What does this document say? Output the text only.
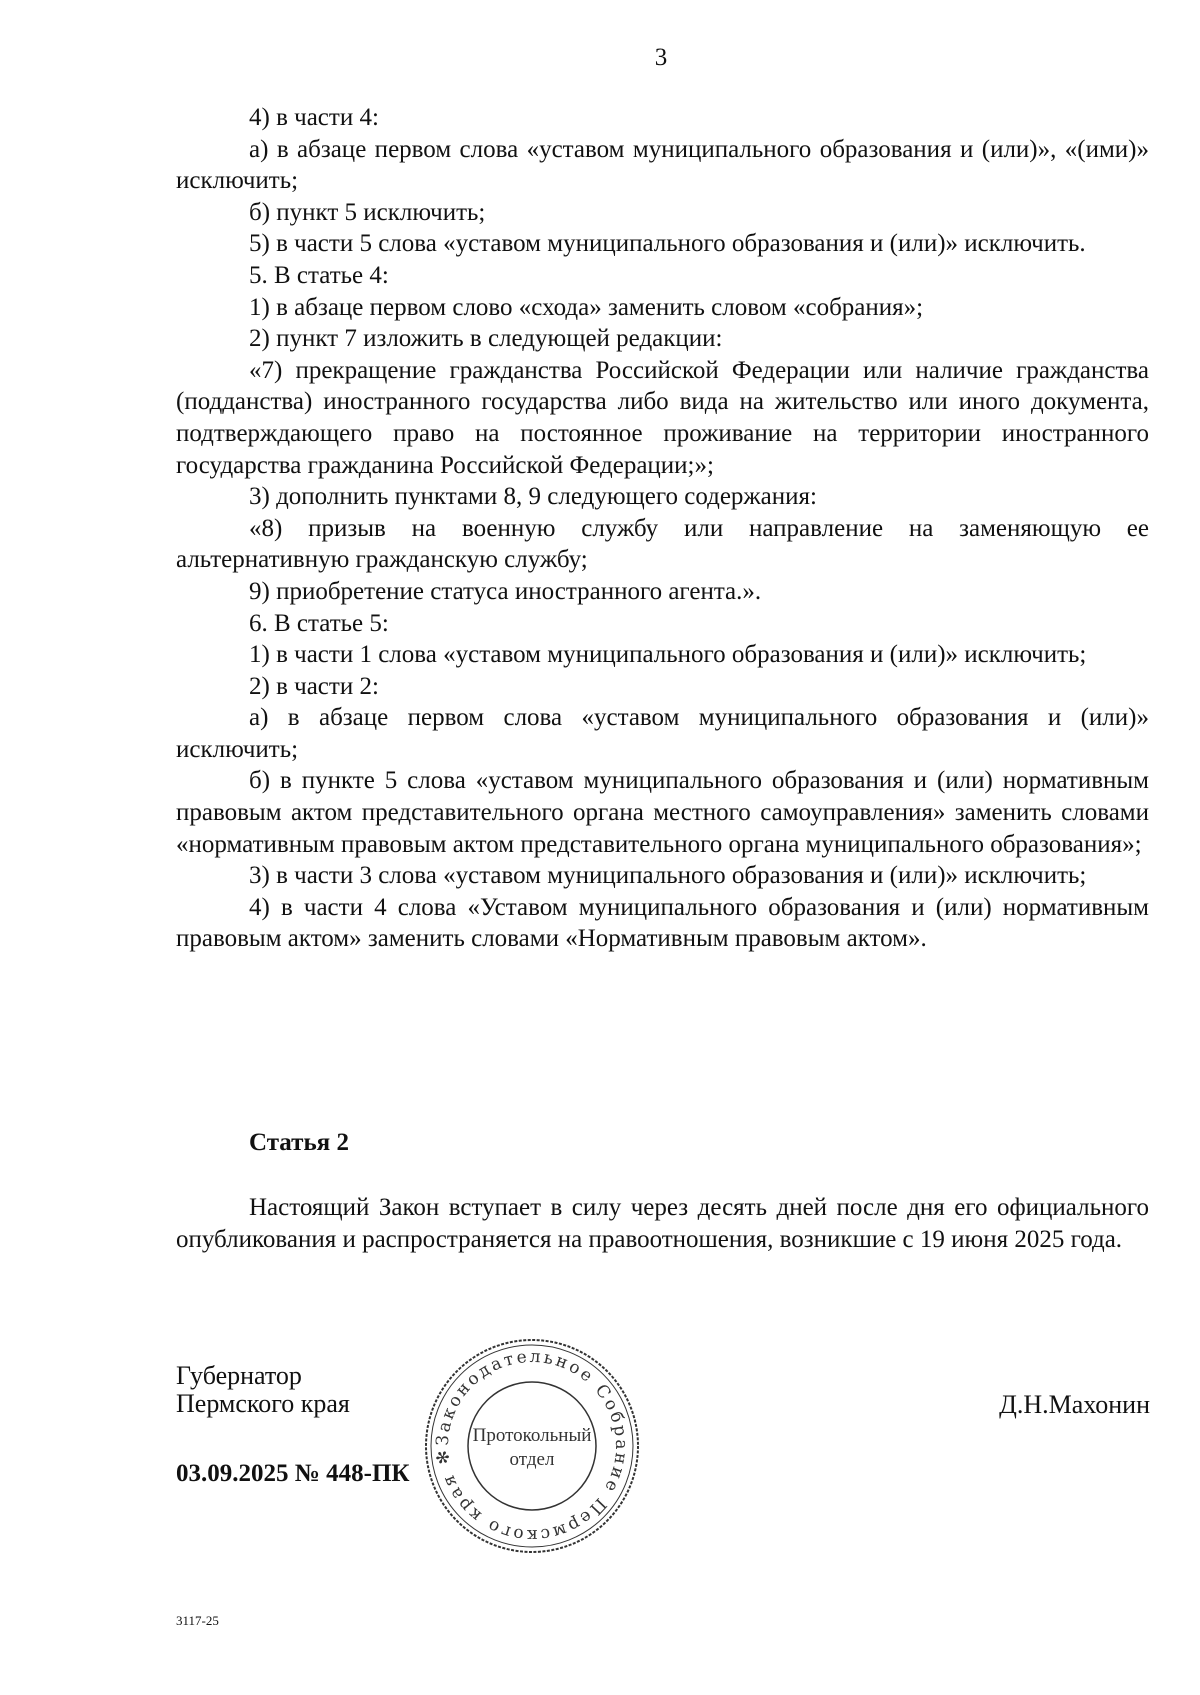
3

4) в части 4:

а) в абзаце первом слова «уставом муниципального образования и (или)», «(ими)» исключить;

б) пункт 5 исключить;

5) в части 5 слова «уставом муниципального образования и (или)» исключить.

5. В статье 4:

1) в абзаце первом слово «схода» заменить словом «собрания»;

2) пункт 7 изложить в следующей редакции:

«7) прекращение гражданства Российской Федерации или наличие гражданства (подданства) иностранного государства либо вида на жительство или иного документа, подтверждающего право на постоянное проживание на территории иностранного государства гражданина Российской Федерации;»;

3) дополнить пунктами 8, 9 следующего содержания:

«8) призыв на военную службу или направление на заменяющую ее альтернативную гражданскую службу;

9) приобретение статуса иностранного агента.».

6. В статье 5:

1) в части 1 слова «уставом муниципального образования и (или)» исключить;

2) в части 2:

а) в абзаце первом слова «уставом муниципального образования и (или)» исключить;

б) в пункте 5 слова «уставом муниципального образования и (или) нормативным правовым актом представительного органа местного самоуправления» заменить словами «нормативным правовым актом представительного органа муниципального образования»;

3) в части 3 слова «уставом муниципального образования и (или)» исключить;

4) в части 4 слова «Уставом муниципального образования и (или) нормативным правовым актом» заменить словами «Нормативным правовым актом».

Статья 2
Настоящий Закон вступает в силу через десять дней после дня его официального опубликования и распространяется на правоотношения, возникшие с 19 июня 2025 года.
Губернатор
Пермского края	Д.Н.Махонин
03.09.2025 № 448-ПК
Законодательное Собрание Пермского края ✻
Протокольный
отдел
3117-25
